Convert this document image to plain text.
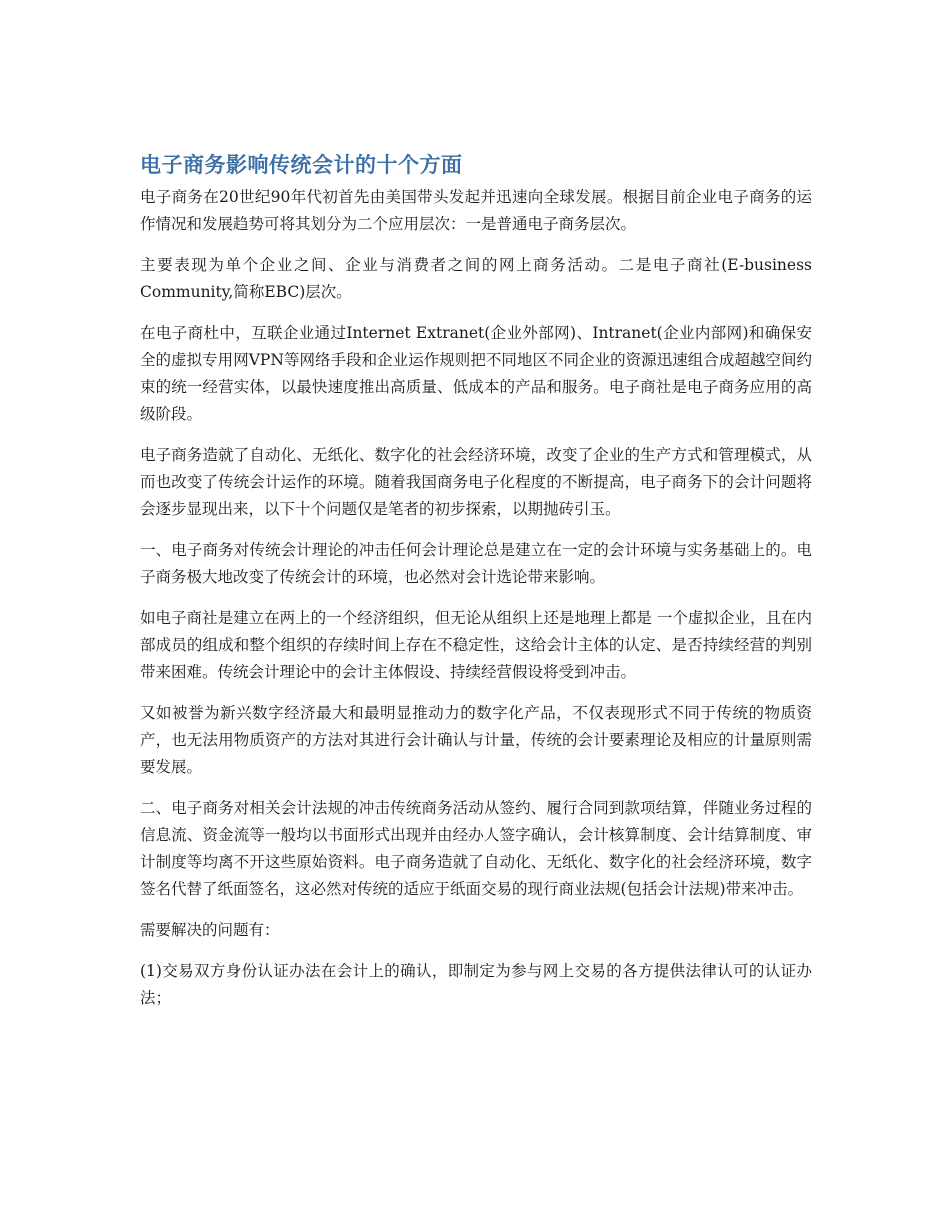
电子商务影响传统会计的十个方面

电子商务在20世纪90年代初首先由美国带头发起并迅速向全球发展。根据目前企业电子商务的运作情况和发展趋势可将其划分为二个应用层次：一是普通电子商务层次。

主要表现为单个企业之间、企业与消费者之间的网上商务活动。二是电子商社(E-business Community,简称EBC)层次。

在电子商杜中，互联企业通过Internet Extranet(企业外部网)、Intranet(企业内部网)和确保安全的虚拟专用网VPN等网络手段和企业运作规则把不同地区不同企业的资源迅速组合成超越空间约束的统一经营实体，以最快速度推出高质量、低成本的产品和服务。电子商社是电子商务应用的高级阶段。

电子商务造就了自动化、无纸化、数字化的社会经济环境，改变了企业的生产方式和管理模式，从而也改变了传统会计运作的环境。随着我国商务电子化程度的不断提高，电子商务下的会计问题将会逐步显现出来，以下十个问题仅是笔者的初步探索，以期抛砖引玉。

一、电子商务对传统会计理论的冲击任何会计理论总是建立在一定的会计环境与实务基础上的。电子商务极大地改变了传统会计的环境，也必然对会计选论带来影响。

如电子商社是建立在两上的一个经济组织，但无论从组织上还是地理上都是 一个虚拟企业，且在内部成员的组成和整个组织的存续时间上存在不稳定性，这给会计主体的认定、是否持续经营的判别带来困难。传统会计理论中的会计主体假设、持续经营假设将受到冲击。

又如被誉为新兴数字经济最大和最明显推动力的数字化产品，不仅表现形式不同于传统的物质资产，也无法用物质资产的方法对其进行会计确认与计量，传统的会计要素理论及相应的计量原则需要发展。

二、电子商务对相关会计法规的冲击传统商务活动从签约、履行合同到款项结算，伴随业务过程的信息流、资金流等一般均以书面形式出现并由经办人签字确认，会计核算制度、会计结算制度、审计制度等均离不开这些原始资料。电子商务造就了自动化、无纸化、数字化的社会经济环境，数字签名代替了纸面签名，这必然对传统的适应于纸面交易的现行商业法规(包括会计法规)带来冲击。

需要解决的问题有：

(1)交易双方身份认证办法在会计上的确认，即制定为参与网上交易的各方提供法律认可的认证办法；
